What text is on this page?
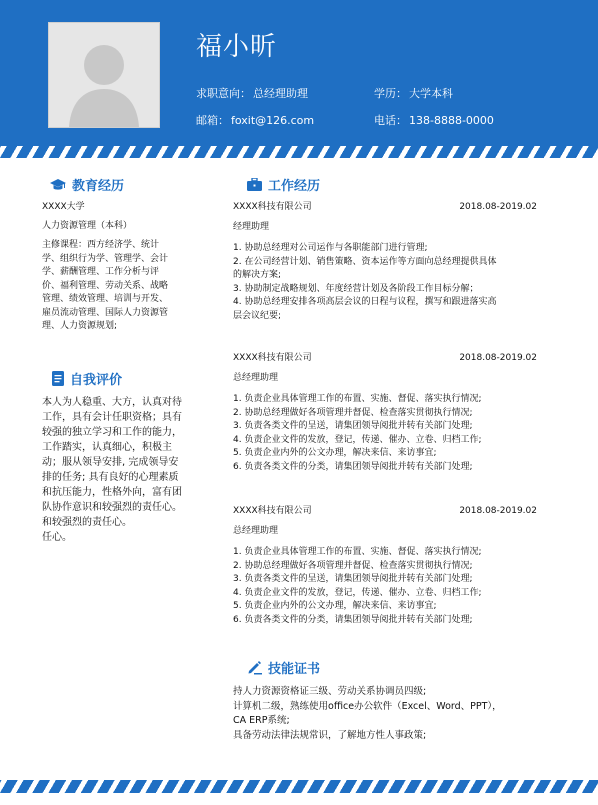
福小昕
求职意向： 总经理助理	学历： 大学本科
邮箱： foxit@126.com	电话： 138-8888-0000
教育经历
XXXX大学
人力资源管理（本科）
主修课程：西方经济学、统计
学、组织行为学、管理学、会计
学、薪酬管理、工作分析与评
价、福利管理、劳动关系、战略
管理、绩效管理、培训与开发、
雇员流动管理、国际人力资源管
理、人力资源规划;
自我评价
本人为人稳重、大方，认真对待
工作，具有会计任职资格；具有
较强的独立学习和工作的能力，
工作踏实，认真细心，积极主
动；服从领导安排, 完成领导安
排的任务; 具有良好的心理素质
和抗压能力，性格外向，富有团
队协作意识和较强烈的责任心。
和较强烈的责任心。
任心。
工作经历
XXXX科技有限公司	2018.08-2019.02
经理助理
1. 协助总经理对公司运作与各职能部门进行管理;
2. 在公司经营计划、销售策略、资本运作等方面向总经理提供具体
的解决方案;
3. 协助制定战略规划、年度经营计划及各阶段工作目标分解；
4. 协助总经理安排各项高层会议的日程与议程，撰写和跟进落实高
层会议纪要;
XXXX科技有限公司	2018.08-2019.02
总经理助理
1. 负责企业具体管理工作的布置、实施、督促、落实执行情况;
2. 协助总经理做好各项管理并督促、检查落实贯彻执行情况;
3. 负责各类文件的呈送，请集团领导阅批并转有关部门处理;
4. 负责企业文件的发放，登记，传递、催办、立卷、归档工作;
5. 负责企业内外的公文办理，解决来信、来访事宜;
6. 负责各类文件的分类，请集团领导阅批并转有关部门处理;
XXXX科技有限公司	2018.08-2019.02
总经理助理
1. 负责企业具体管理工作的布置、实施、督促、落实执行情况;
2. 协助总经理做好各项管理并督促、检查落实贯彻执行情况;
3. 负责各类文件的呈送，请集团领导阅批并转有关部门处理;
4. 负责企业文件的发放，登记，传递、催办、立卷、归档工作;
5. 负责企业内外的公文办理，解决来信、来访事宜;
6. 负责各类文件的分类，请集团领导阅批并转有关部门处理;
技能证书
持人力资源资格证三级、劳动关系协调员四级;
计算机二级，熟练使用office办公软件（Excel、Word、PPT），
CA ERP系统;
具备劳动法律法规常识，了解地方性人事政策;
